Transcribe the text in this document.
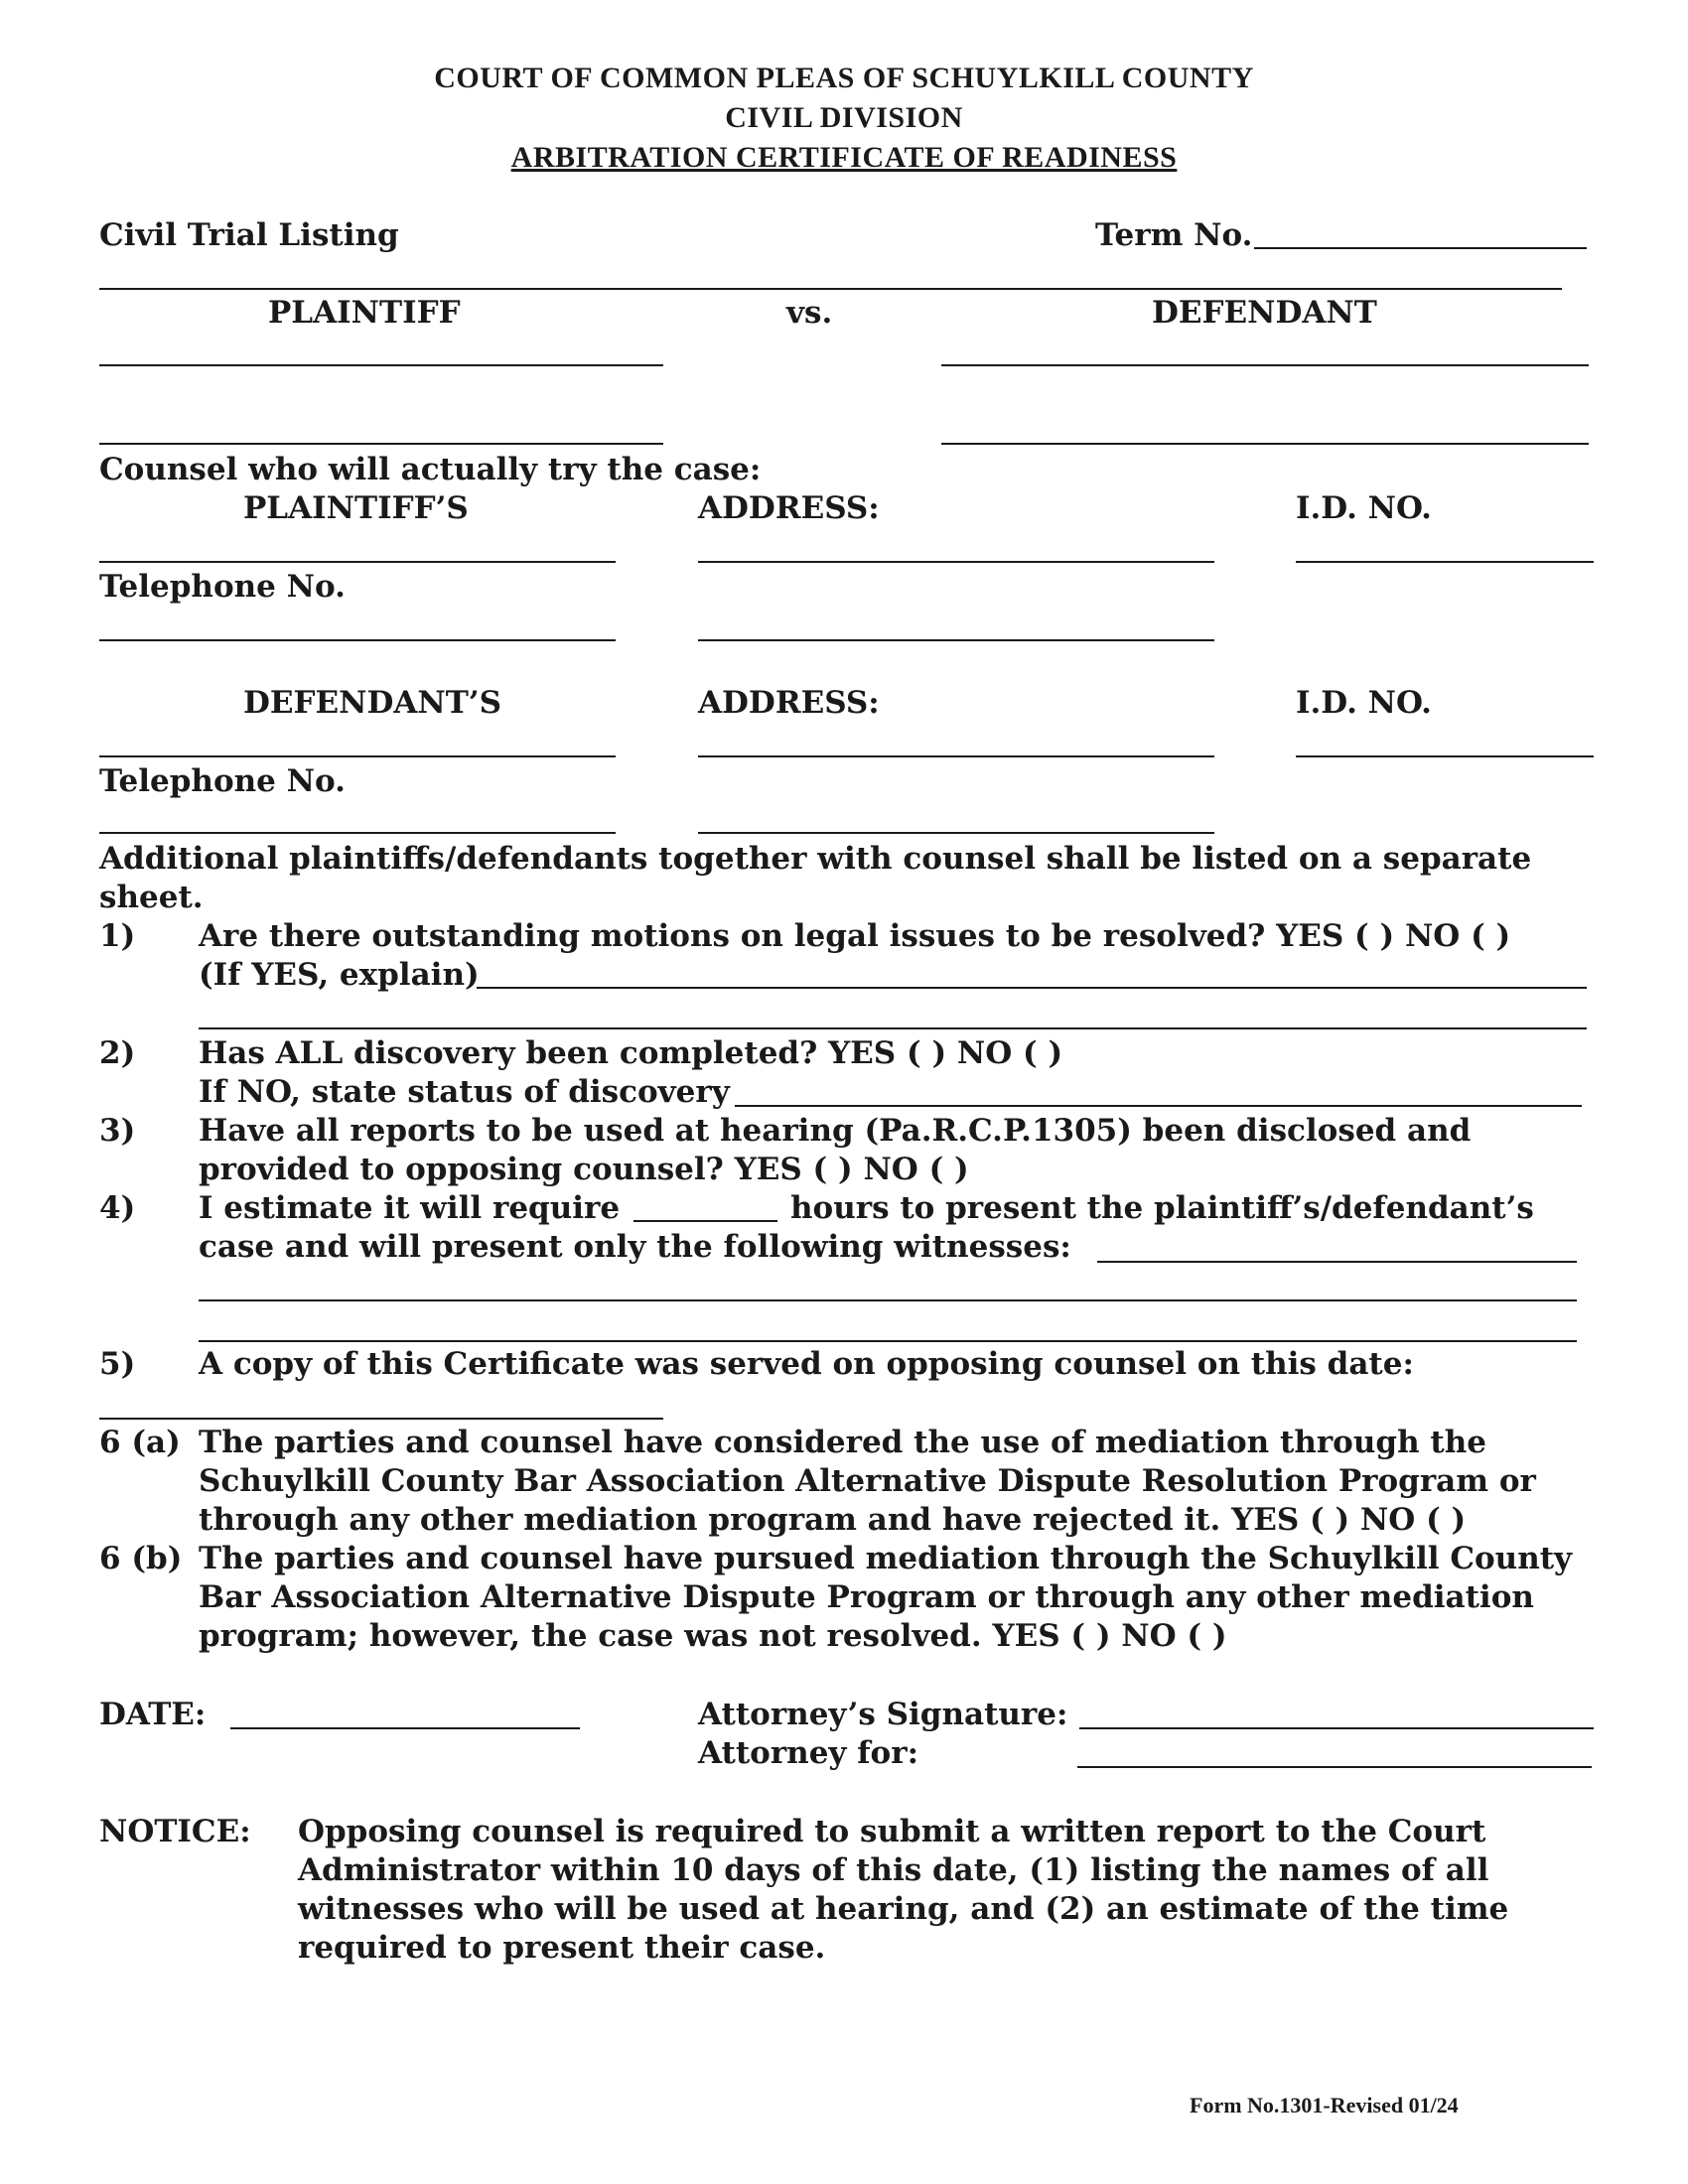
COURT OF COMMON PLEAS OF SCHUYLKILL COUNTY
CIVIL DIVISION
ARBITRATION CERTIFICATE OF READINESS
Civil Trial Listing	Term No.
PLAINTIFF	vs.	DEFENDANT
Counsel who will actually try the case:
PLAINTIFF’S	ADDRESS:	I.D. NO.
Telephone No.
DEFENDANT’S	ADDRESS:	I.D. NO.
Telephone No.
Additional plaintiffs/defendants together with counsel shall be listed on a separate
sheet.
1) Are there outstanding motions on legal issues to be resolved? YES ( ) NO ( )
(If YES, explain)
2) Has ALL discovery been completed? YES ( ) NO ( )
If NO, state status of discovery
3) Have all reports to be used at hearing (Pa.R.C.P.1305) been disclosed and
provided to opposing counsel? YES ( ) NO ( )
4) I estimate it will require	hours to present the plaintiff’s/defendant’s
case and will present only the following witnesses:
5) A copy of this Certificate was served on opposing counsel on this date:
6 (a) The parties and counsel have considered the use of mediation through the
Schuylkill County Bar Association Alternative Dispute Resolution Program or
through any other mediation program and have rejected it. YES ( ) NO ( )
6 (b) The parties and counsel have pursued mediation through the Schuylkill County
Bar Association Alternative Dispute Program or through any other mediation
program; however, the case was not resolved. YES ( ) NO ( )
DATE:	Attorney’s Signature:
Attorney for:
NOTICE: Opposing counsel is required to submit a written report to the Court
Administrator within 10 days of this date, (1) listing the names of all
witnesses who will be used at hearing, and (2) an estimate of the time
required to present their case.
Form No.1301-Revised 01/24
